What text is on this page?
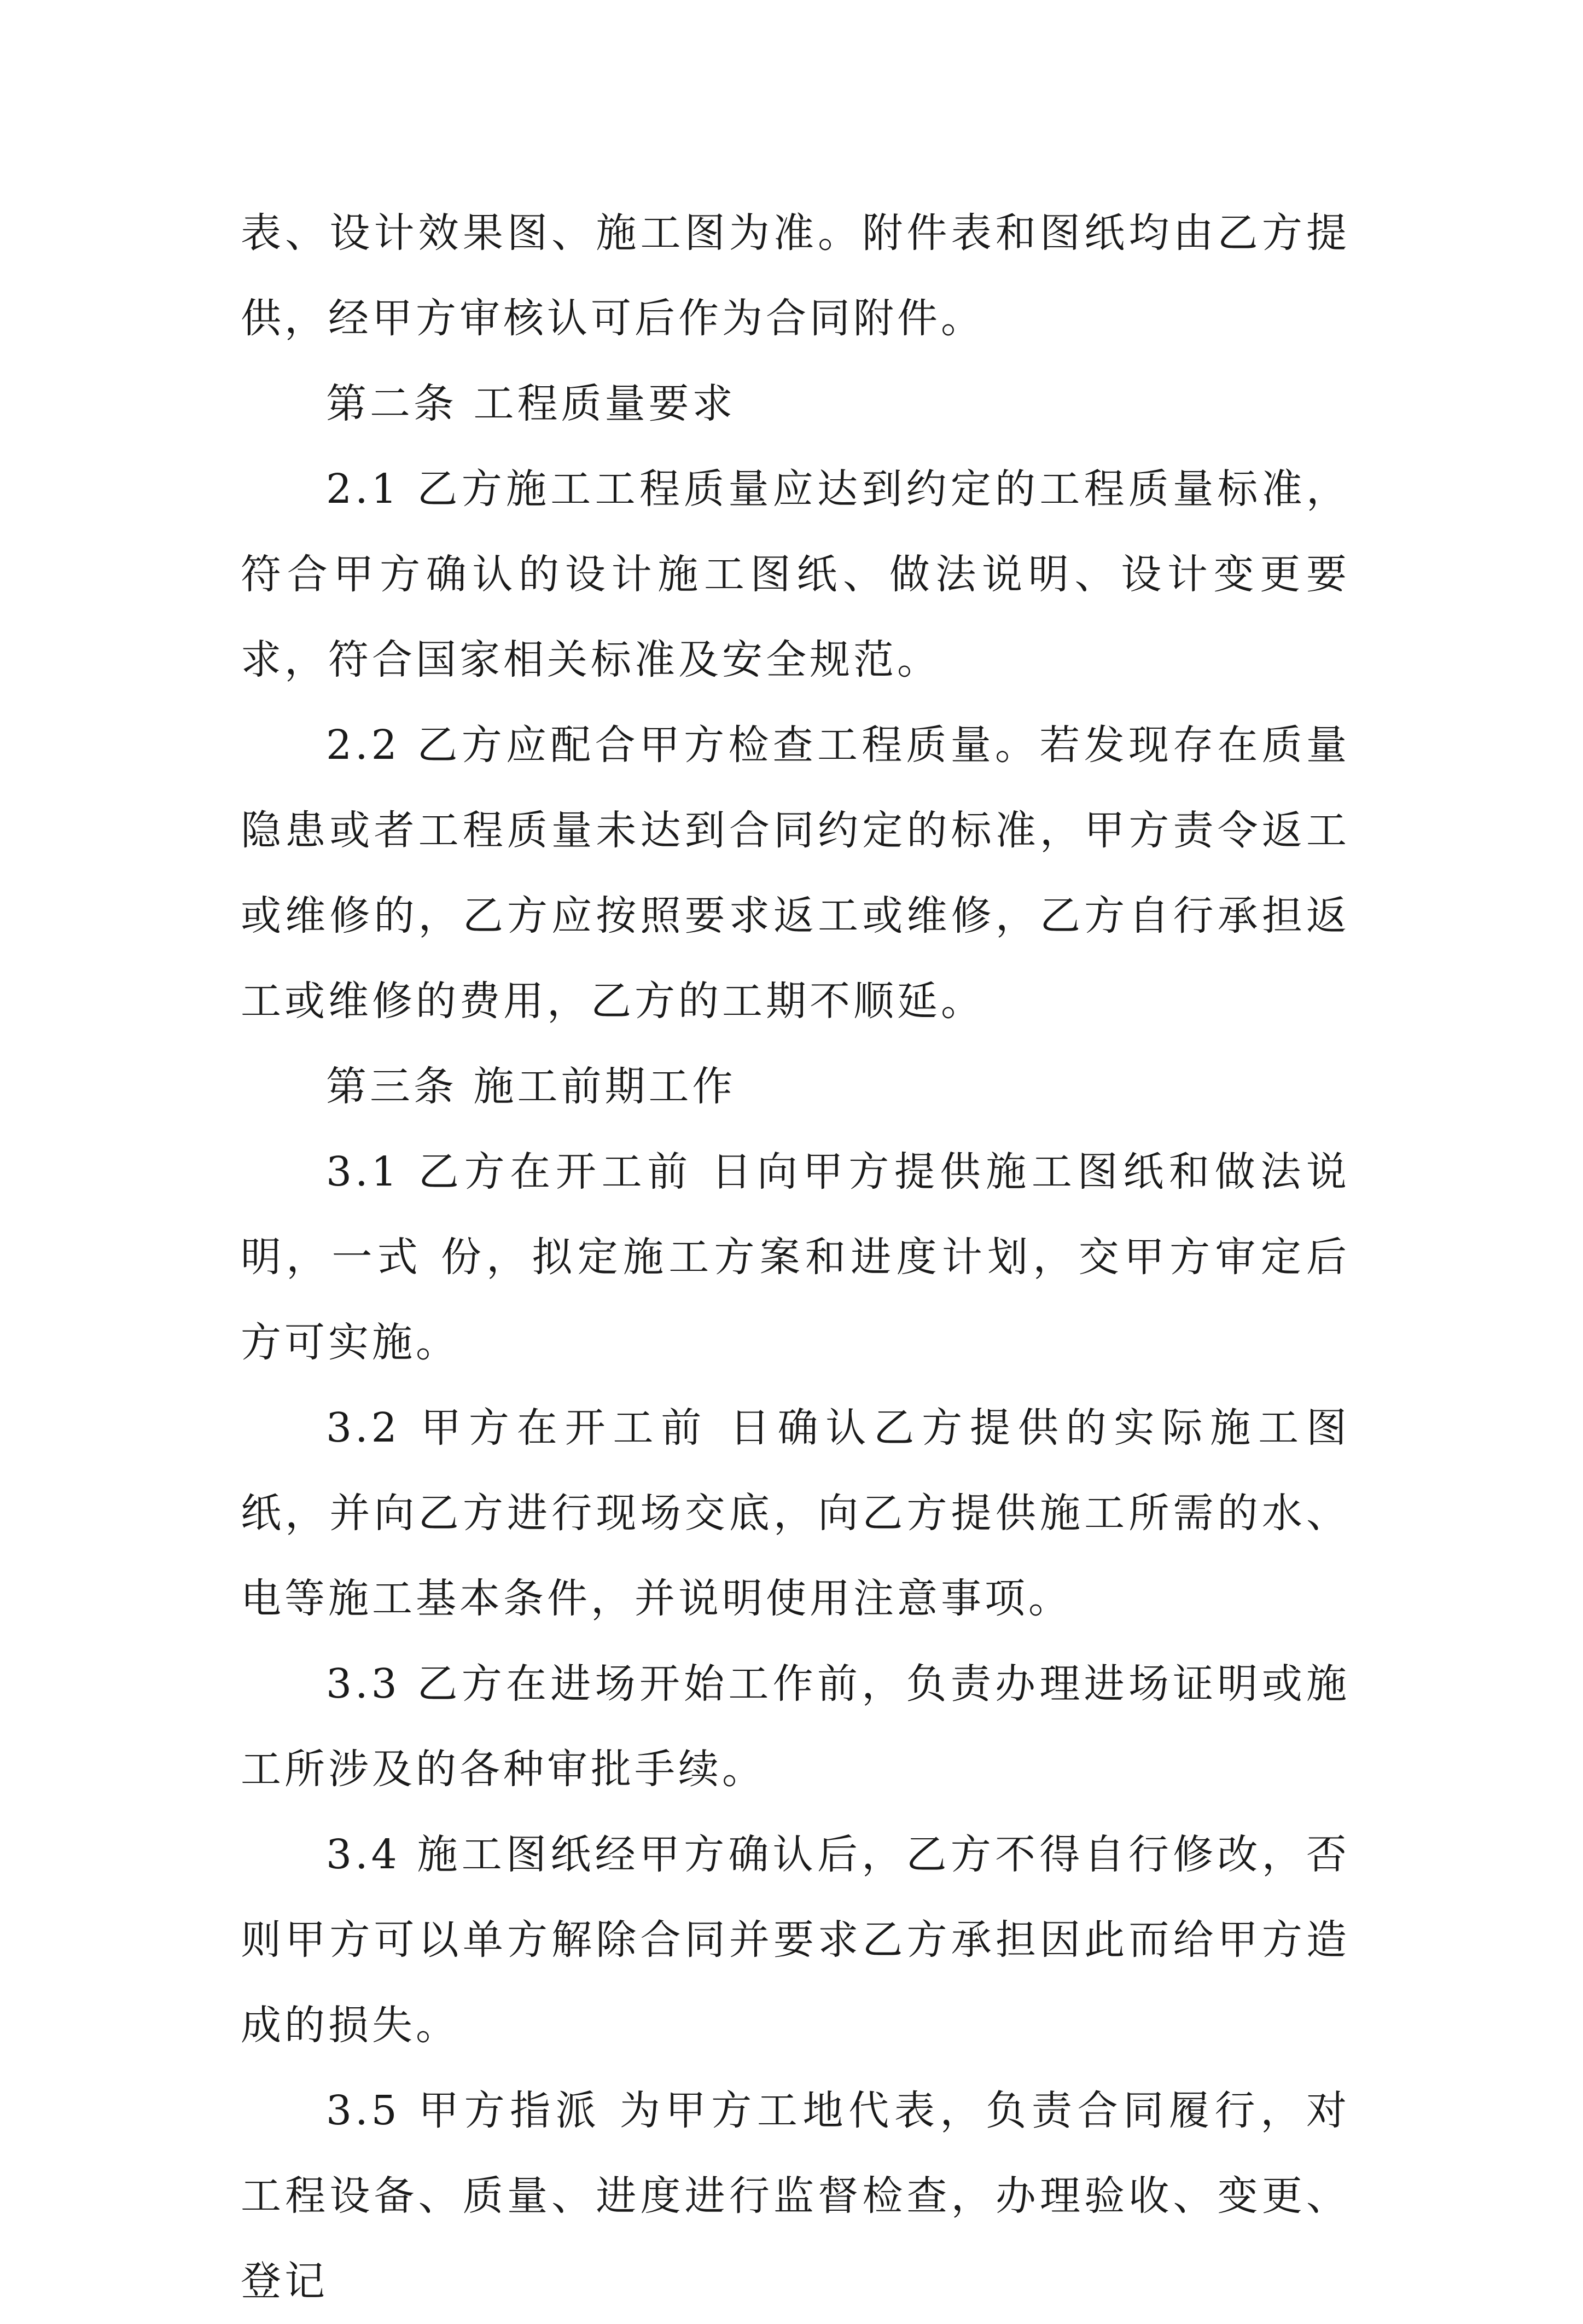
表、设计效果图、施工图为准。附件表和图纸均由乙方提供，经甲方审核认可后作为合同附件。

第二条 工程质量要求

2.1 乙方施工工程质量应达到约定的工程质量标准，符合甲方确认的设计施工图纸、做法说明、设计变更要求，符合国家相关标准及安全规范。

2.2 乙方应配合甲方检查工程质量。若发现存在质量隐患或者工程质量未达到合同约定的标准，甲方责令返工或维修的，乙方应按照要求返工或维修，乙方自行承担返工或维修的费用，乙方的工期不顺延。

第三条 施工前期工作

3.1 乙方在开工前 日向甲方提供施工图纸和做法说明，一式 份，拟定施工方案和进度计划，交甲方审定后方可实施。

3.2 甲方在开工前 日确认乙方提供的实际施工图纸，并向乙方进行现场交底，向乙方提供施工所需的水、电等施工基本条件，并说明使用注意事项。

3.3 乙方在进场开始工作前，负责办理进场证明或施工所涉及的各种审批手续。

3.4 施工图纸经甲方确认后，乙方不得自行修改，否则甲方可以单方解除合同并要求乙方承担因此而给甲方造成的损失。

3.5 甲方指派 为甲方工地代表，负责合同履行，对工程设备、质量、进度进行监督检查，办理验收、变更、登记
